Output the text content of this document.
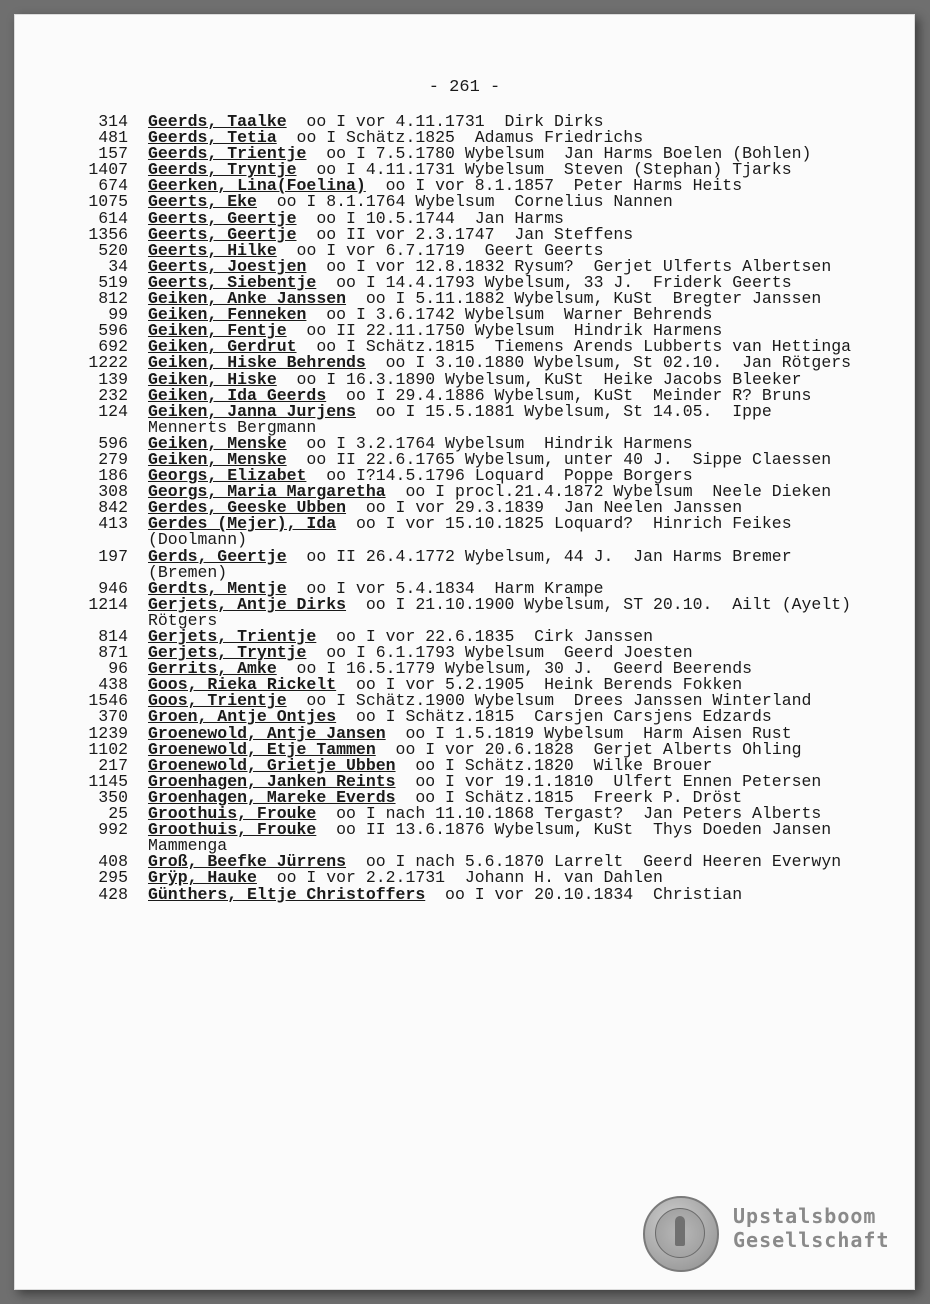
- 261 -
314 Geerds, Taalke  oo I vor 4.11.1731  Dirk Dirks
481 Geerds, Tetia  oo I Schätz.1825  Adamus Friedrichs
157 Geerds, Trientje  oo I 7.5.1780 Wybelsum  Jan Harms Boelen (Bohlen)
1407 Geerds, Tryntje  oo I 4.11.1731 Wybelsum  Steven (Stephan) Tjarks
674 Geerken, Lina(Foelina)  oo I vor 8.1.1857  Peter Harms Heits
1075 Geerts, Eke  oo I 8.1.1764 Wybelsum  Cornelius Nannen
614 Geerts, Geertje  oo I 10.5.1744  Jan Harms
1356 Geerts, Geertje  oo II vor 2.3.1747  Jan Steffens
520 Geerts, Hilke  oo I vor 6.7.1719  Geert Geerts
34 Geerts, Joestjen  oo I vor 12.8.1832 Rysum?  Gerjet Ulferts Albertsen
519 Geerts, Siebentje  oo I 14.4.1793 Wybelsum, 33 J.  Friderk Geerts
812 Geiken, Anke Janssen  oo I 5.11.1882 Wybelsum, KuSt  Bregter Janssen
99 Geiken, Fenneken  oo I 3.6.1742 Wybelsum  Warner Behrends
596 Geiken, Fentje  oo II 22.11.1750 Wybelsum  Hindrik Harmens
692 Geiken, Gerdrut  oo I Schätz.1815  Tiemens Arends Lubberts van Hettinga
1222 Geiken, Hiske Behrends  oo I 3.10.1880 Wybelsum, St 02.10.  Jan Rötgers
139 Geiken, Hiske  oo I 16.3.1890 Wybelsum, KuSt  Heike Jacobs Bleeker
232 Geiken, Ida Geerds  oo I 29.4.1886 Wybelsum, KuSt  Meinder R? Bruns
124 Geiken, Janna Jurjens  oo I 15.5.1881 Wybelsum, St 14.05.  Ippe Mennerts Bergmann
596 Geiken, Menske  oo I 3.2.1764 Wybelsum  Hindrik Harmens
279 Geiken, Menske  oo II 22.6.1765 Wybelsum, unter 40 J.  Sippe Claessen
186 Georgs, Elizabet  oo I?14.5.1796 Loquard  Poppe Borgers
308 Georgs, Maria Margaretha  oo I procl.21.4.1872 Wybelsum  Neele Dieken
842 Gerdes, Geeske Ubben  oo I vor 29.3.1839  Jan Neelen Janssen
413 Gerdes (Mejer), Ida  oo I vor 15.10.1825 Loquard?  Hinrich Feikes (Doolmann)
197 Gerds, Geertje  oo II 26.4.1772 Wybelsum, 44 J.  Jan Harms Bremer (Bremen)
946 Gerdts, Mentje  oo I vor 5.4.1834  Harm Krampe
1214 Gerjets, Antje Dirks  oo I 21.10.1900 Wybelsum, ST 20.10.  Ailt (Ayelt) Rötgers
814 Gerjets, Trientje  oo I vor 22.6.1835  Cirk Janssen
871 Gerjets, Tryntje  oo I 6.1.1793 Wybelsum  Geerd Joesten
96 Gerrits, Amke  oo I 16.5.1779 Wybelsum, 30 J.  Geerd Beerends
438 Goos, Rieka Rickelt  oo I vor 5.2.1905  Heink Berends Fokken
1546 Goos, Trientje  oo I Schätz.1900 Wybelsum  Drees Janssen Winterland
370 Groen, Antje Ontjes  oo I Schätz.1815  Carsjen Carsjens Edzards
1239 Groenewold, Antje Jansen  oo I 1.5.1819 Wybelsum  Harm Aisen Rust
1102 Groenewold, Etje Tammen  oo I vor 20.6.1828  Gerjet Alberts Ohling
217 Groenewold, Grietje Ubben  oo I Schätz.1820  Wilke Brouer
1145 Groenhagen, Janken Reints  oo I vor 19.1.1810  Ulfert Ennen Petersen
350 Groenhagen, Mareke Everds  oo I Schätz.1815  Freerk P. Dröst
25 Groothuis, Frouke  oo I nach 11.10.1868 Tergast?  Jan Peters Alberts
992 Groothuis, Frouke  oo II 13.6.1876 Wybelsum, KuSt  Thys Doeden Jansen Mammenga
408 Groß, Beefke Jürrens  oo I nach 5.6.1870 Larrelt  Geerd Heeren Everwyn
295 Grÿp, Hauke  oo I vor 2.2.1731  Johann H. van Dahlen
428 Günthers, Eltje Christoffers  oo I vor 20.10.1834  Christian
Upstalsboom
Gesellschaft
